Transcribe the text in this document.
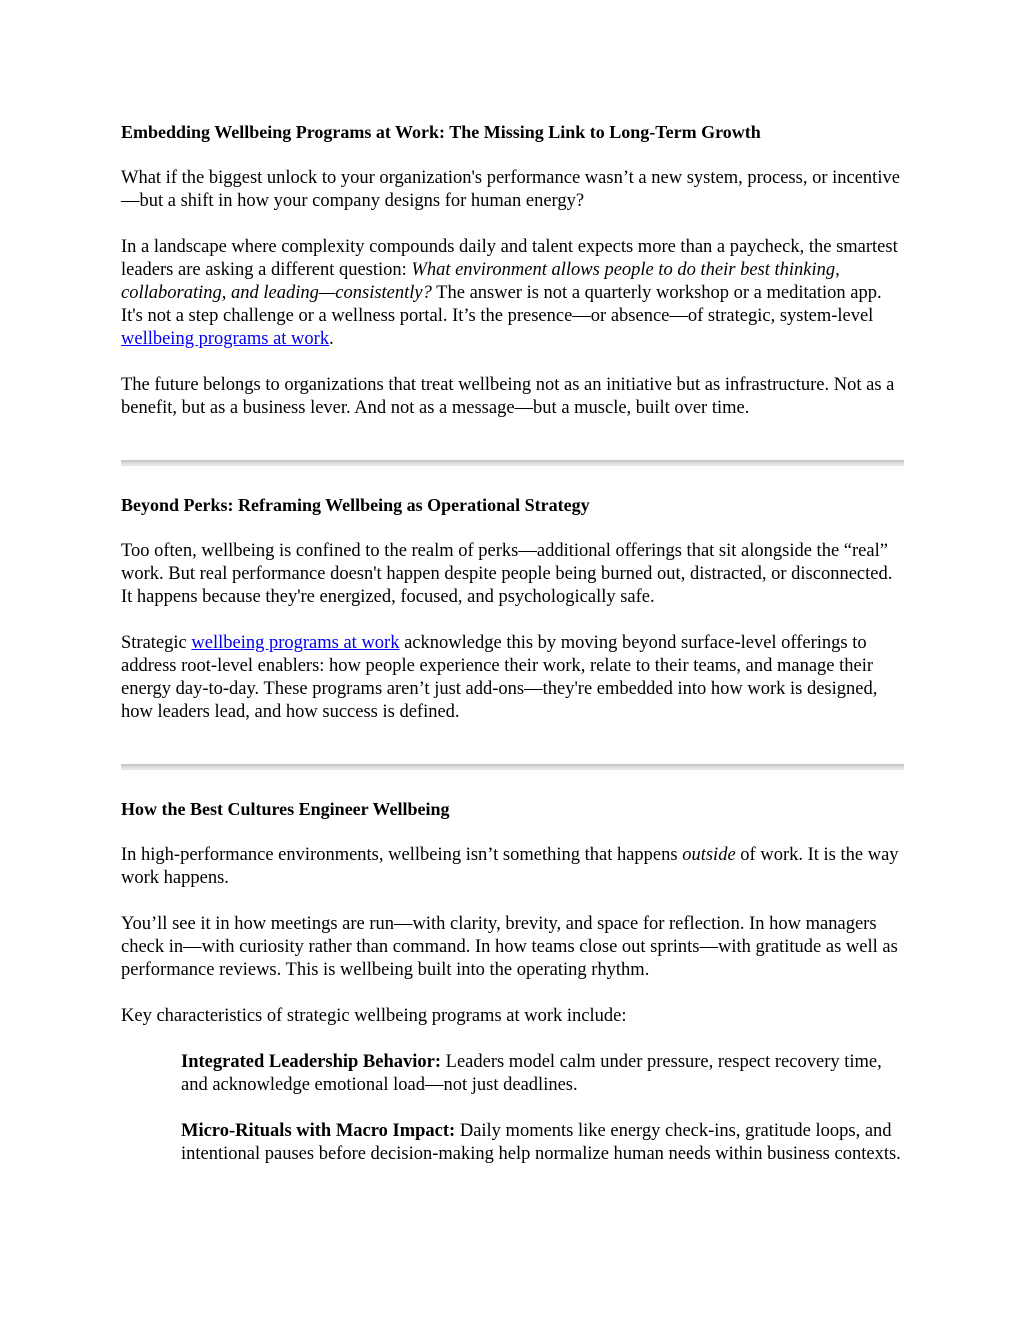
Embedding Wellbeing Programs at Work: The Missing Link to Long-Term Growth

What if the biggest unlock to your organization's performance wasn’t a new system, process, or incentive—but a shift in how your company designs for human energy?

In a landscape where complexity compounds daily and talent expects more than a paycheck, the smartest leaders are asking a different question: What environment allows people to do their best thinking, collaborating, and leading—consistently? The answer is not a quarterly workshop or a meditation app. It's not a step challenge or a wellness portal. It’s the presence—or absence—of strategic, system-level wellbeing programs at work.

The future belongs to organizations that treat wellbeing not as an initiative but as infrastructure. Not as a benefit, but as a business lever. And not as a message—but a muscle, built over time.

Beyond Perks: Reframing Wellbeing as Operational Strategy

Too often, wellbeing is confined to the realm of perks—additional offerings that sit alongside the “real” work. But real performance doesn't happen despite people being burned out, distracted, or disconnected. It happens because they're energized, focused, and psychologically safe.

Strategic wellbeing programs at work acknowledge this by moving beyond surface-level offerings to address root-level enablers: how people experience their work, relate to their teams, and manage their energy day-to-day. These programs aren’t just add-ons—they're embedded into how work is designed, how leaders lead, and how success is defined.

How the Best Cultures Engineer Wellbeing

In high-performance environments, wellbeing isn’t something that happens outside of work. It is the way work happens.

You’ll see it in how meetings are run—with clarity, brevity, and space for reflection. In how managers check in—with curiosity rather than command. In how teams close out sprints—with gratitude as well as performance reviews. This is wellbeing built into the operating rhythm.

Key characteristics of strategic wellbeing programs at work include:

Integrated Leadership Behavior: Leaders model calm under pressure, respect recovery time, and acknowledge emotional load—not just deadlines.

Micro-Rituals with Macro Impact: Daily moments like energy check-ins, gratitude loops, and intentional pauses before decision-making help normalize human needs within business contexts.
